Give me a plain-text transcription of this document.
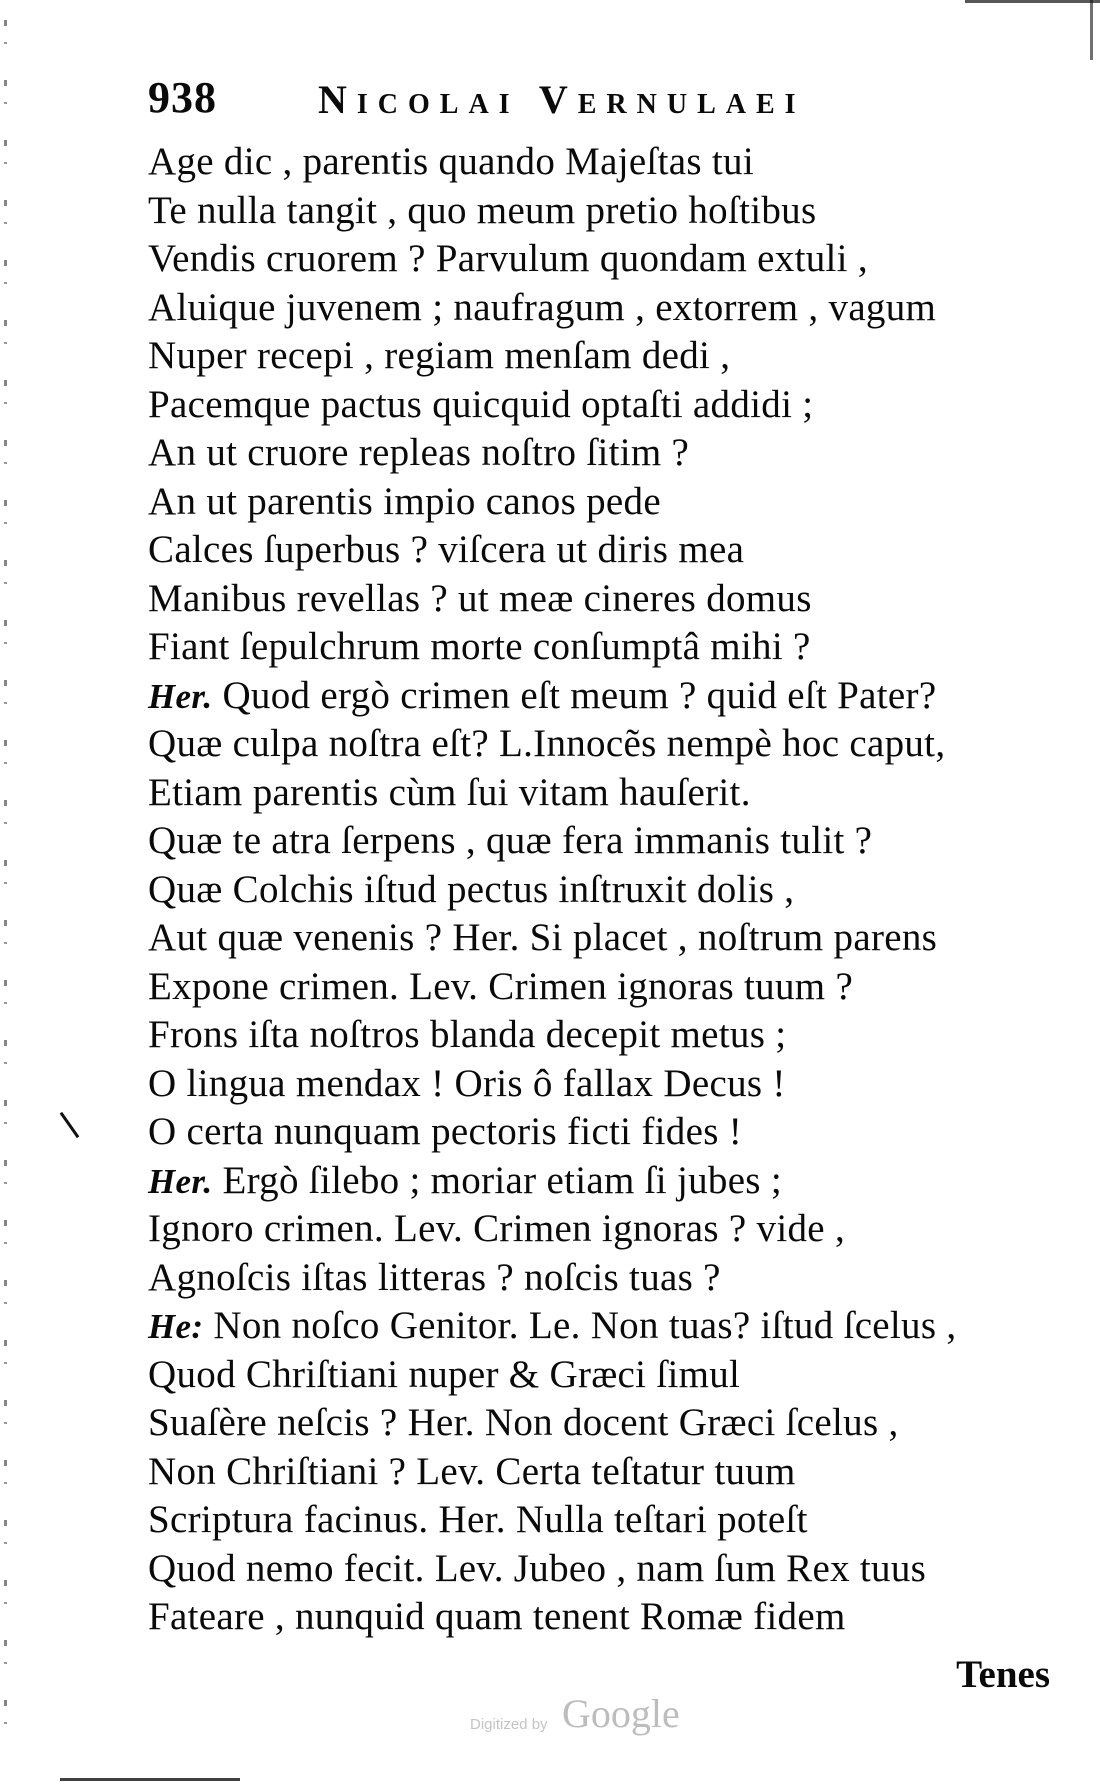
938	Nicolai Vernulaei
Age dic , parentis quando Majeſtas tui
Te nulla tangit , quo meum pretio hoſtibus
Vendis cruorem ? Parvulum quondam extuli ,
Aluique juvenem ; naufragum , extorrem , vagum
Nuper recepi , regiam menſam dedi ,
Pacemque pactus quicquid optaſti addidi ;
An ut cruore repleas noſtro ſitim ?
An ut parentis impio canos pede
Calces ſuperbus ? viſcera ut diris mea
Manibus revellas ? ut meæ cineres domus
Fiant ſepulchrum morte conſumptâ mihi ?
Her. Quod ergò crimen eſt meum ? quid eſt Pater?
Quæ culpa noſtra eſt? L.Innocẽs nempè hoc caput,
Etiam parentis cùm ſui vitam hauſerit.
Quæ te atra ſerpens , quæ fera immanis tulit ?
Quæ Colchis iſtud pectus inſtruxit dolis ,
Aut quæ venenis ? Her. Si placet , noſtrum parens
Expone crimen. Lev. Crimen ignoras tuum ?
Frons iſta noſtros blanda decepit metus ;
O lingua mendax ! Oris ô fallax Decus !
O certa nunquam pectoris ficti fides !
Her. Ergò ſilebo ; moriar etiam ſi jubes ;
Ignoro crimen. Lev. Crimen ignoras ? vide ,
Agnoſcis iſtas litteras ? noſcis tuas ?
He: Non noſco Genitor. Le. Non tuas? iſtud ſcelus ,
Quod Chriſtiani nuper & Græci ſimul
Suaſère neſcis ? Her. Non docent Græci ſcelus ,
Non Chriſtiani ? Lev. Certa teſtatur tuum
Scriptura facinus. Her. Nulla teſtari poteſt
Quod nemo fecit. Lev. Jubeo , nam ſum Rex tuus
Fateare , nunquid quam tenent Romæ fidem
Tenes
Digitized by Google
